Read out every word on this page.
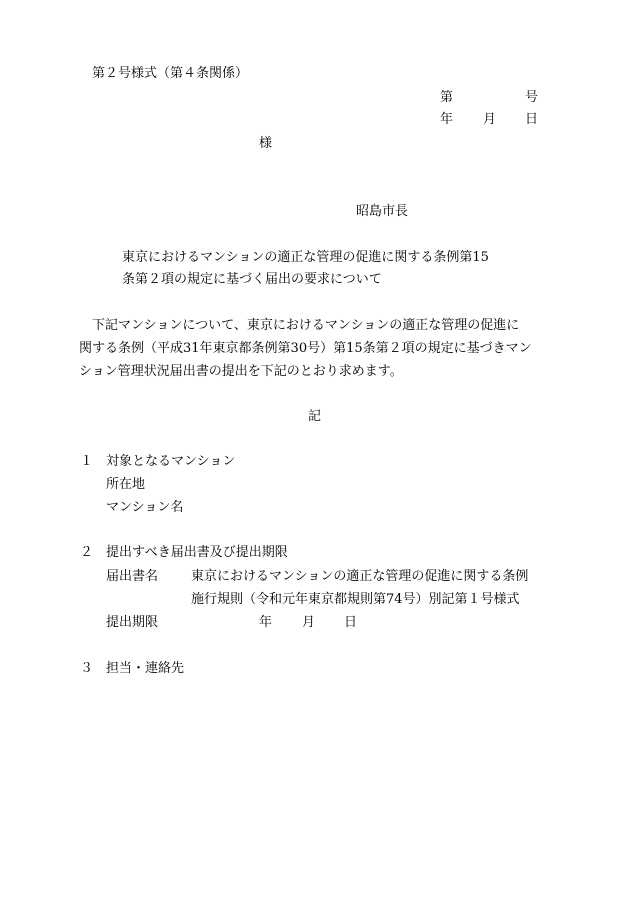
第２号様式（第４条関係）
第	号
年 月 日
様
昭島市長
東京におけるマンションの適正な管理の促進に関する条例第15
条第２項の規定に基づく届出の要求について
下記マンションについて、東京におけるマンションの適正な管理の促進に
関する条例（平成31年東京都条例第30号）第15条第２項の規定に基づきマン
ション管理状況届出書の提出を下記のとおり求めます。
記
１ 対象となるマンション
所在地
マンション名
２ 提出すべき届出書及び提出期限
届出書名	東京におけるマンションの適正な管理の促進に関する条例
施行規則（令和元年東京都規則第74号）別記第１号様式
提出期限	年 月 日
３ 担当・連絡先
